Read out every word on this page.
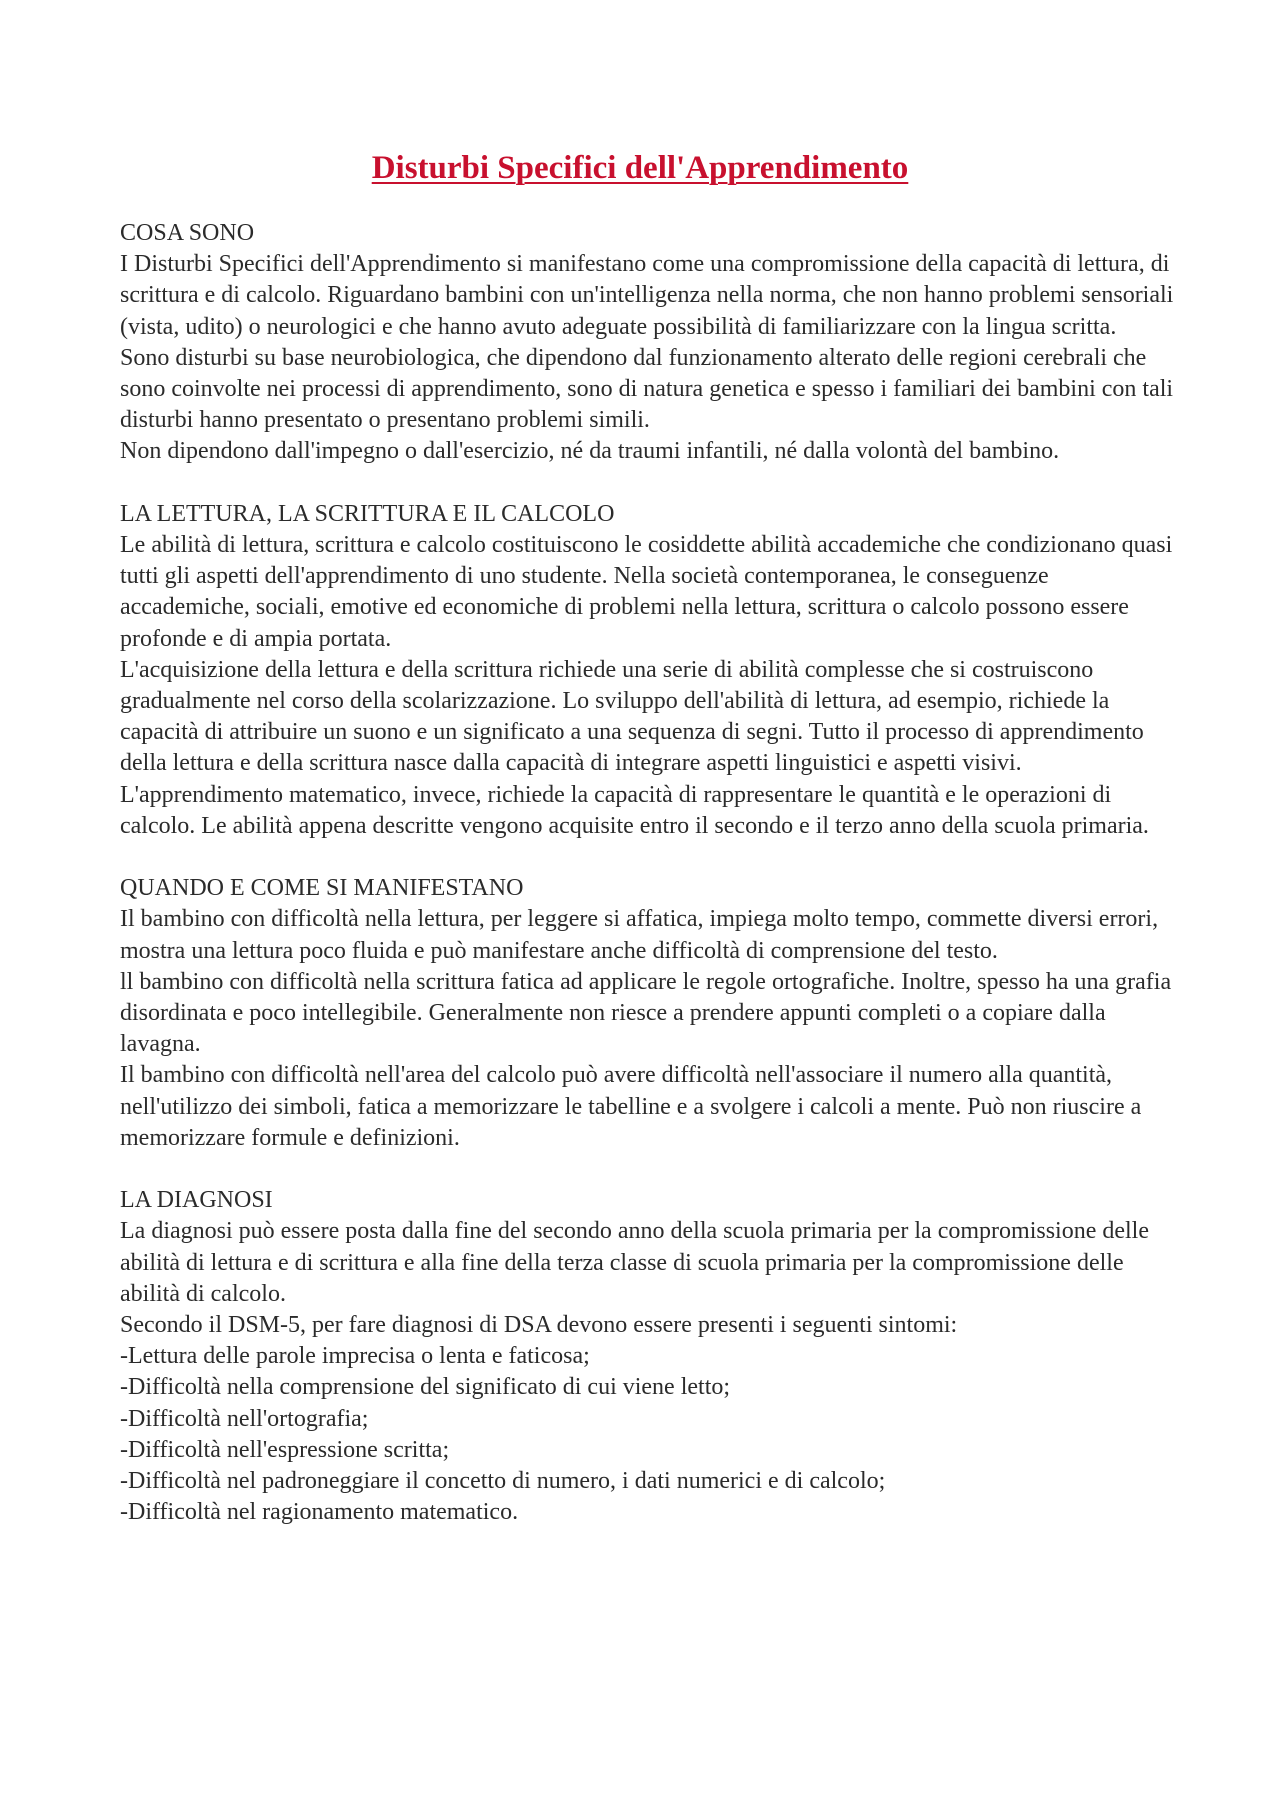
Disturbi Specifici dell'Apprendimento
COSA SONO

I Disturbi Specifici dell'Apprendimento si manifestano come una compromissione della capacità di lettura, di scrittura e di calcolo. Riguardano bambini con un'intelligenza nella norma, che non hanno problemi sensoriali (vista, udito) o neurologici e che hanno avuto adeguate possibilità di familiarizzare con la lingua scritta.

Sono disturbi su base neurobiologica, che dipendono dal funzionamento alterato delle regioni cerebrali che sono coinvolte nei processi di apprendimento, sono di natura genetica e spesso i familiari dei bambini con tali disturbi hanno presentato o presentano problemi simili.

Non dipendono dall'impegno o dall'esercizio, né da traumi infantili, né dalla volontà del bambino.

LA LETTURA, LA SCRITTURA E IL CALCOLO

Le abilità di lettura, scrittura e calcolo costituiscono le cosiddette abilità accademiche che condizionano quasi tutti gli aspetti dell'apprendimento di uno studente. Nella società contemporanea, le conseguenze accademiche, sociali, emotive ed economiche di problemi nella lettura, scrittura o calcolo possono essere profonde e di ampia portata.

L'acquisizione della lettura e della scrittura richiede una serie di abilità complesse che si costruiscono gradualmente nel corso della scolarizzazione. Lo sviluppo dell'abilità di lettura, ad esempio, richiede la capacità di attribuire un suono e un significato a una sequenza di segni. Tutto il processo di apprendimento della lettura e della scrittura nasce dalla capacità di integrare aspetti linguistici e aspetti visivi. L'apprendimento matematico, invece, richiede la capacità di rappresentare le quantità e le operazioni di calcolo. Le abilità appena descritte vengono acquisite entro il secondo e il terzo anno della scuola primaria.

QUANDO E COME SI MANIFESTANO

Il bambino con difficoltà nella lettura, per leggere si affatica, impiega molto tempo, commette diversi errori, mostra una lettura poco fluida e può manifestare anche difficoltà di comprensione del testo.

ll bambino con difficoltà nella scrittura fatica ad applicare le regole ortografiche. Inoltre, spesso ha una grafia disordinata e poco intellegibile. Generalmente non riesce a prendere appunti completi o a copiare dalla lavagna.

Il bambino con difficoltà nell'area del calcolo può avere difficoltà nell'associare il numero alla quantità, nell'utilizzo dei simboli, fatica a memorizzare le tabelline e a svolgere i calcoli a mente. Può non riuscire a memorizzare formule e definizioni.

LA DIAGNOSI

La diagnosi può essere posta dalla fine del secondo anno della scuola primaria per la compromissione delle abilità di lettura e di scrittura e alla fine della terza classe di scuola primaria per la compromissione delle abilità di calcolo.

Secondo il DSM-5, per fare diagnosi di DSA devono essere presenti i seguenti sintomi:

-Lettura delle parole imprecisa o lenta e faticosa;
-Difficoltà nella comprensione del significato di cui viene letto;
-Difficoltà nell'ortografia;
-Difficoltà nell'espressione scritta;
-Difficoltà nel padroneggiare il concetto di numero, i dati numerici e di calcolo;
-Difficoltà nel ragionamento matematico.
